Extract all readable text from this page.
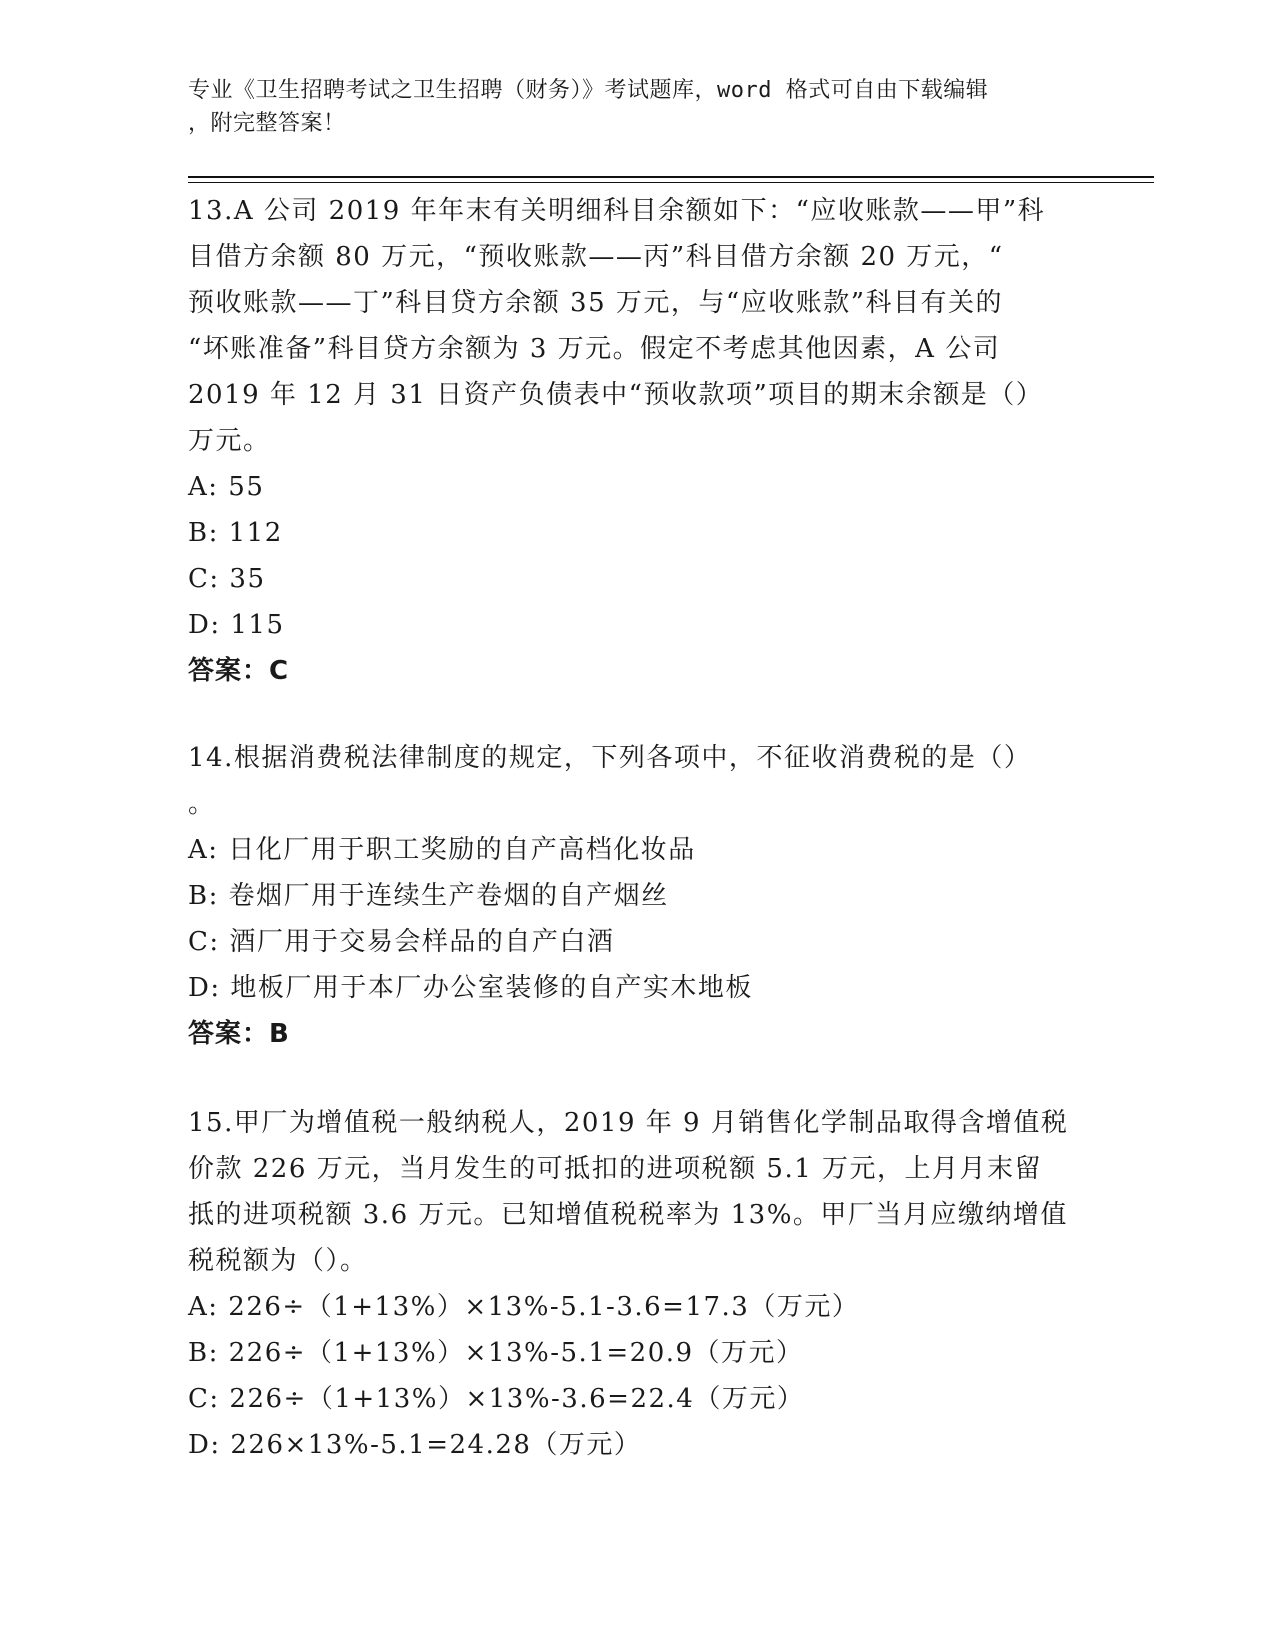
专业《卫生招聘考试之卫生招聘（财务）》考试题库，word 格式可自由下载编辑
，附完整答案！
13.A 公司 2019 年年末有关明细科目余额如下：“应收账款——甲”科
目借方余额 80 万元，“预收账款——丙”科目借方余额 20 万元，“
预收账款——丁”科目贷方余额 35 万元，与“应收账款”科目有关的
“坏账准备”科目贷方余额为 3 万元。假定不考虑其他因素，A 公司
2019 年 12 月 31 日资产负债表中“预收款项”项目的期末余额是（）
万元。
A: 55
B: 112
C: 35
D: 115
答案：C
14.根据消费税法律制度的规定，下列各项中，不征收消费税的是（）
。
A: 日化厂用于职工奖励的自产高档化妆品
B: 卷烟厂用于连续生产卷烟的自产烟丝
C: 酒厂用于交易会样品的自产白酒
D: 地板厂用于本厂办公室装修的自产实木地板
答案：B
15.甲厂为增值税一般纳税人，2019 年 9 月销售化学制品取得含增值税
价款 226 万元，当月发生的可抵扣的进项税额 5.1 万元，上月月末留
抵的进项税额 3.6 万元。已知增值税税率为 13%。甲厂当月应缴纳增值
税税额为（）。
A: 226÷（1+13%）×13%-5.1-3.6=17.3（万元）
B: 226÷（1+13%）×13%-5.1=20.9（万元）
C: 226÷（1+13%）×13%-3.6=22.4（万元）
D: 226×13%-5.1=24.28（万元）
